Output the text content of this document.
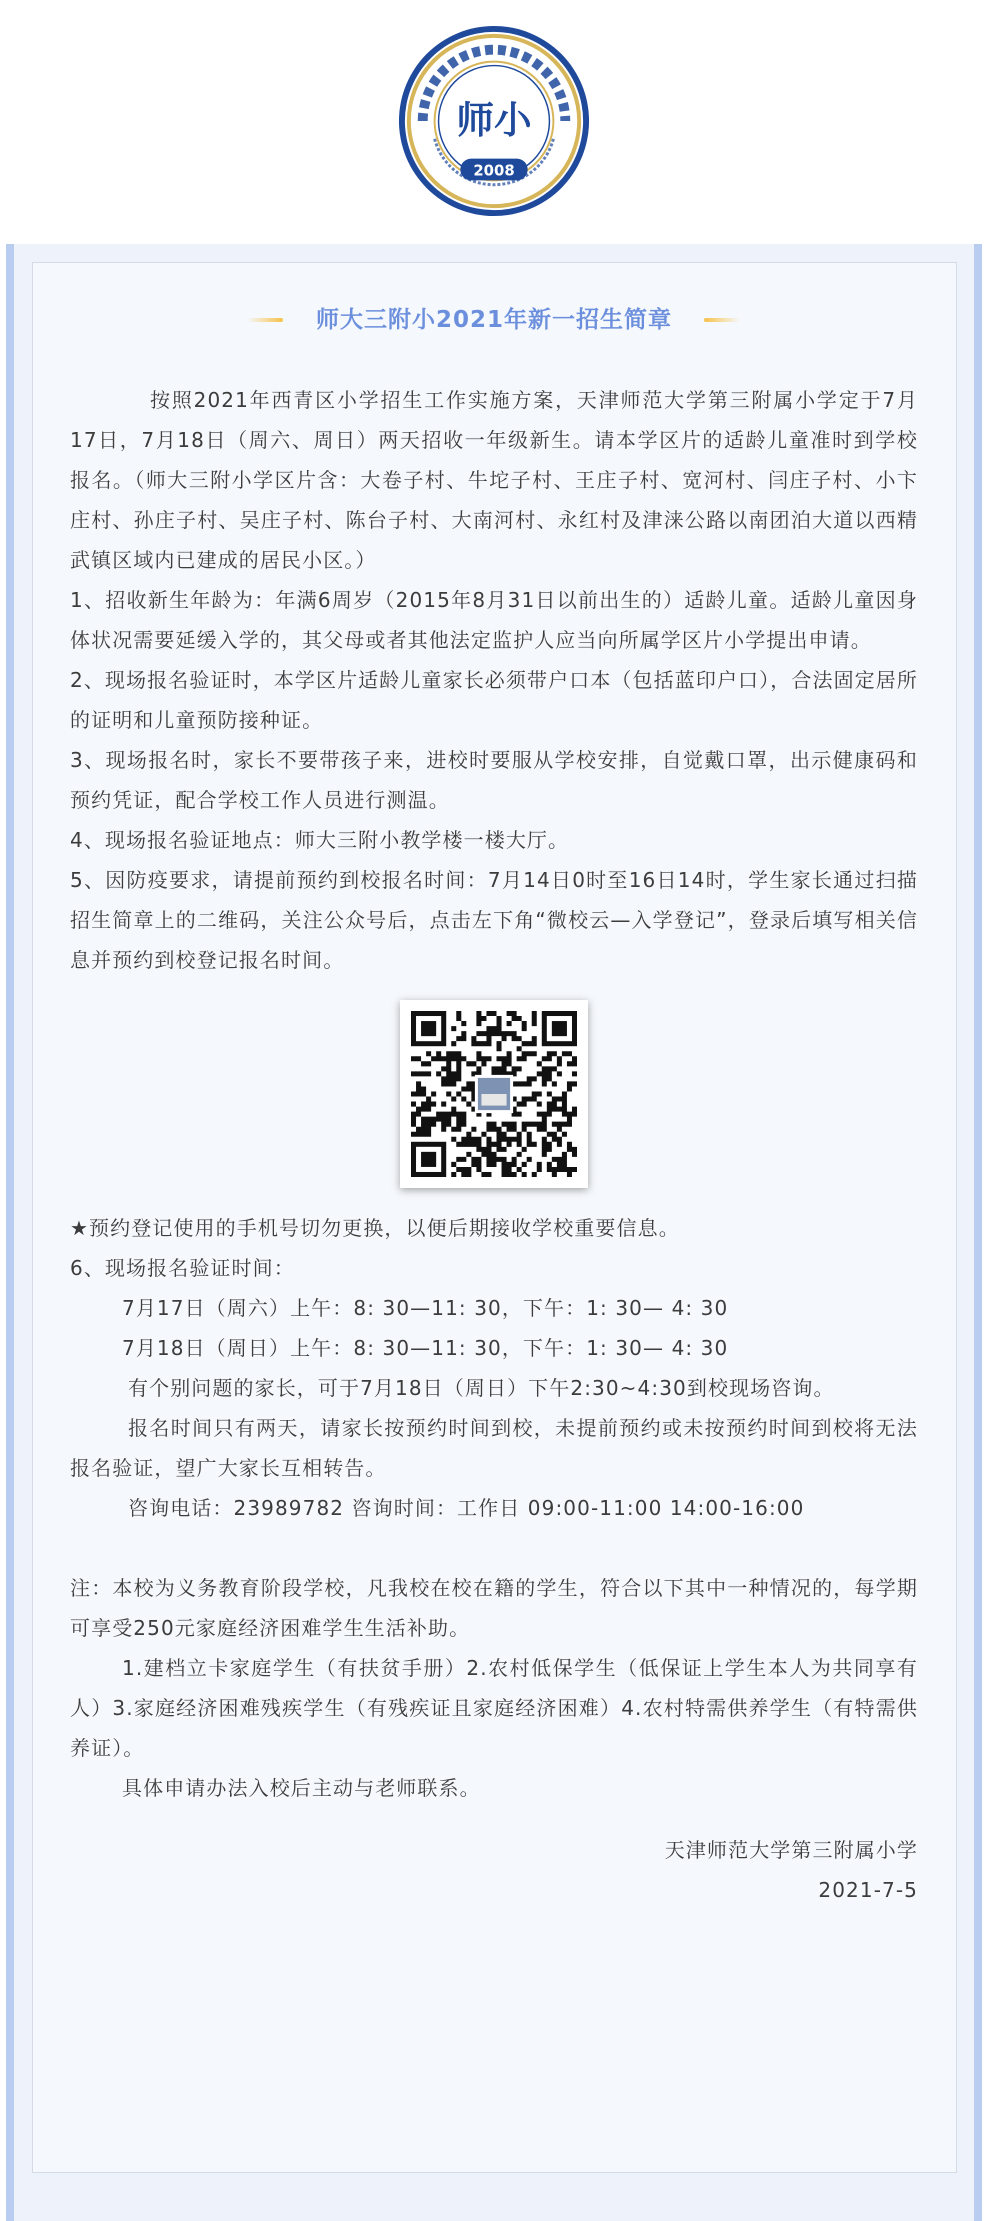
师小
2008
师大三附小2021年新一招生简章

按照2021年西青区小学招生工作实施方案，天津师范大学第三附属小学定于7月17日，7月18日（周六、周日）两天招收一年级新生。请本学区片的适龄儿童准时到学校报名。（师大三附小学区片含：大卷子村、牛坨子村、王庄子村、宽河村、闫庄子村、小卞庄村、孙庄子村、吴庄子村、陈台子村、大南河村、永红村及津涞公路以南团泊大道以西精武镇区域内已建成的居民小区。）

1、招收新生年龄为：年满6周岁（2015年8月31日以前出生的）适龄儿童。适龄儿童因身体状况需要延缓入学的，其父母或者其他法定监护人应当向所属学区片小学提出申请。

2、现场报名验证时，本学区片适龄儿童家长必须带户口本（包括蓝印户口），合法固定居所的证明和儿童预防接种证。

3、现场报名时，家长不要带孩子来，进校时要服从学校安排，自觉戴口罩，出示健康码和预约凭证，配合学校工作人员进行测温。

4、现场报名验证地点：师大三附小教学楼一楼大厅。

5、因防疫要求，请提前预约到校报名时间：7月14日0时至16日14时，学生家长通过扫描招生简章上的二维码，关注公众号后，点击左下角“微校云—入学登记”，登录后填写相关信息并预约到校登记报名时间。

★预约登记使用的手机号切勿更换，以便后期接收学校重要信息。

6、现场报名验证时间：

7月17日（周六）上午：8: 30—11: 30，下午：1: 30— 4: 30

7月18日（周日）上午：8: 30—11: 30，下午：1: 30— 4: 30

有个别问题的家长，可于7月18日（周日）下午2:30~4:30到校现场咨询。

报名时间只有两天，请家长按预约时间到校，未提前预约或未按预约时间到校将无法报名验证，望广大家长互相转告。

咨询电话：23989782 咨询时间：工作日 09:00-11:00 14:00-16:00

注：本校为义务教育阶段学校，凡我校在校在籍的学生，符合以下其中一种情况的，每学期可享受250元家庭经济困难学生生活补助。

1.建档立卡家庭学生（有扶贫手册）2.农村低保学生（低保证上学生本人为共同享有人）3.家庭经济困难残疾学生（有残疾证且家庭经济困难）4.农村特需供养学生（有特需供养证）。

具体申请办法入校后主动与老师联系。

天津师范大学第三附属小学

2021-7-5
